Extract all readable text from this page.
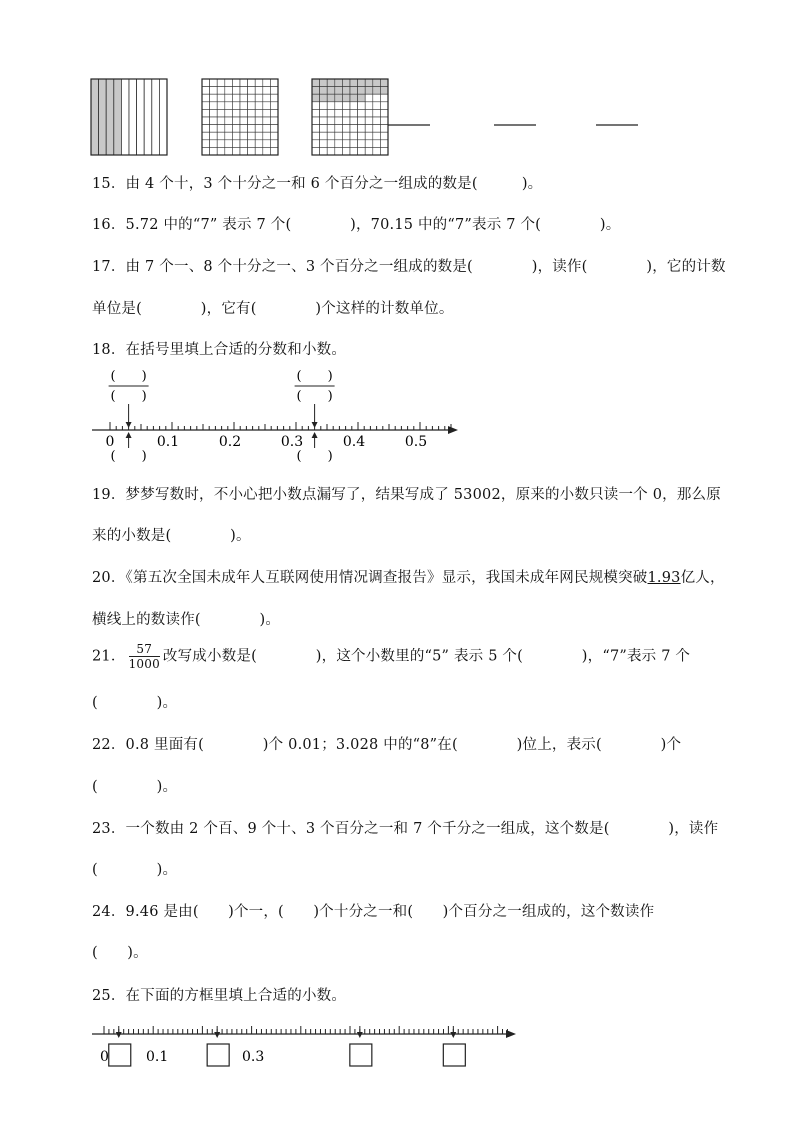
15．由 4 个十，3 个十分之一和 6 个百分之一组成的数是(　　　)。
16．5.72 中的“7” 表示 7 个(　　　　)，70.15 中的“7”表示 7 个(　　　　)。
17．由 7 个一、8 个十分之一、3 个百分之一组成的数是(　　　　)，读作(　　　　)，它的计数
单位是(　　　　)，它有(　　　　)个这样的计数单位。
18．在括号里填上合适的分数和小数。
0	0.1	0.2	0.3	0.4	0.5
(　　)
(　　)
(　　)
(　　)
(　　)
(　　)
19．梦梦写数时，不小心把小数点漏写了，结果写成了 53002，原来的小数只读一个 0，那么原
来的小数是(　　　　)。
20．《第五次全国未成年人互联网使用情况调查报告》显示，我国未成年网民规模突破1.93亿人，
横线上的数读作(　　　　)。
21． $\frac{57}{1000}$ 改写成小数是(　　　　)，这个小数里的“5” 表示 5 个(　　　　)，“7”表示 7 个
(　　　　)。
22．0.8 里面有(　　　　)个 0.01；3.028 中的“8”在(　　　　)位上，表示(　　　　)个
(　　　　)。
23．一个数由 2 个百、9 个十、3 个百分之一和 7 个千分之一组成，这个数是(　　　　)，读作
(　　　　)。
24．9.46 是由(　　)个一，(　　)个十分之一和(　　)个百分之一组成的，这个数读作
(　　)。
25．在下面的方框里填上合适的小数。
0	0.1	0.3
